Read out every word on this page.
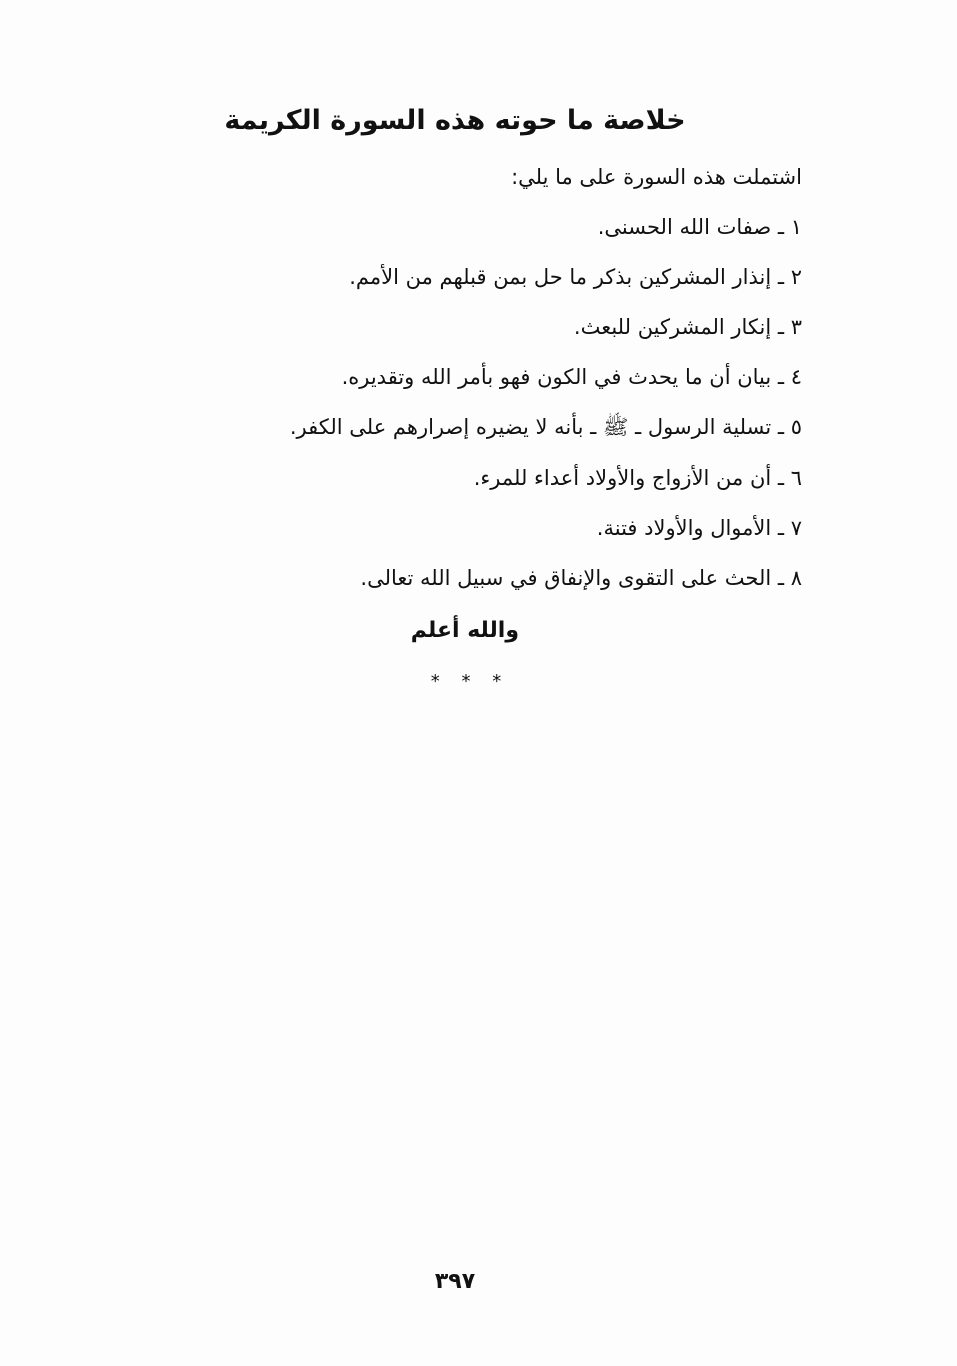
خلاصة ما حوته هذه السورة الكريمة
اشتملت هذه السورة على ما يلي:
١ ـ صفات الله الحسنى.
٢ ـ إنذار المشركين بذكر ما حل بمن قبلهم من الأمم.
٣ ـ إنكار المشركين للبعث.
٤ ـ بيان أن ما يحدث في الكون فهو بأمر الله وتقديره.
٥ ـ تسلية الرسول ـ ﷺ ـ بأنه لا يضيره إصرارهم على الكفر.
٦ ـ أن من الأزواج والأولاد أعداء للمرء.
٧ ـ الأموال والأولاد فتنة.
٨ ـ الحث على التقوى والإنفاق في سبيل الله تعالى.
والله أعلم
* * *
٣٩٧
